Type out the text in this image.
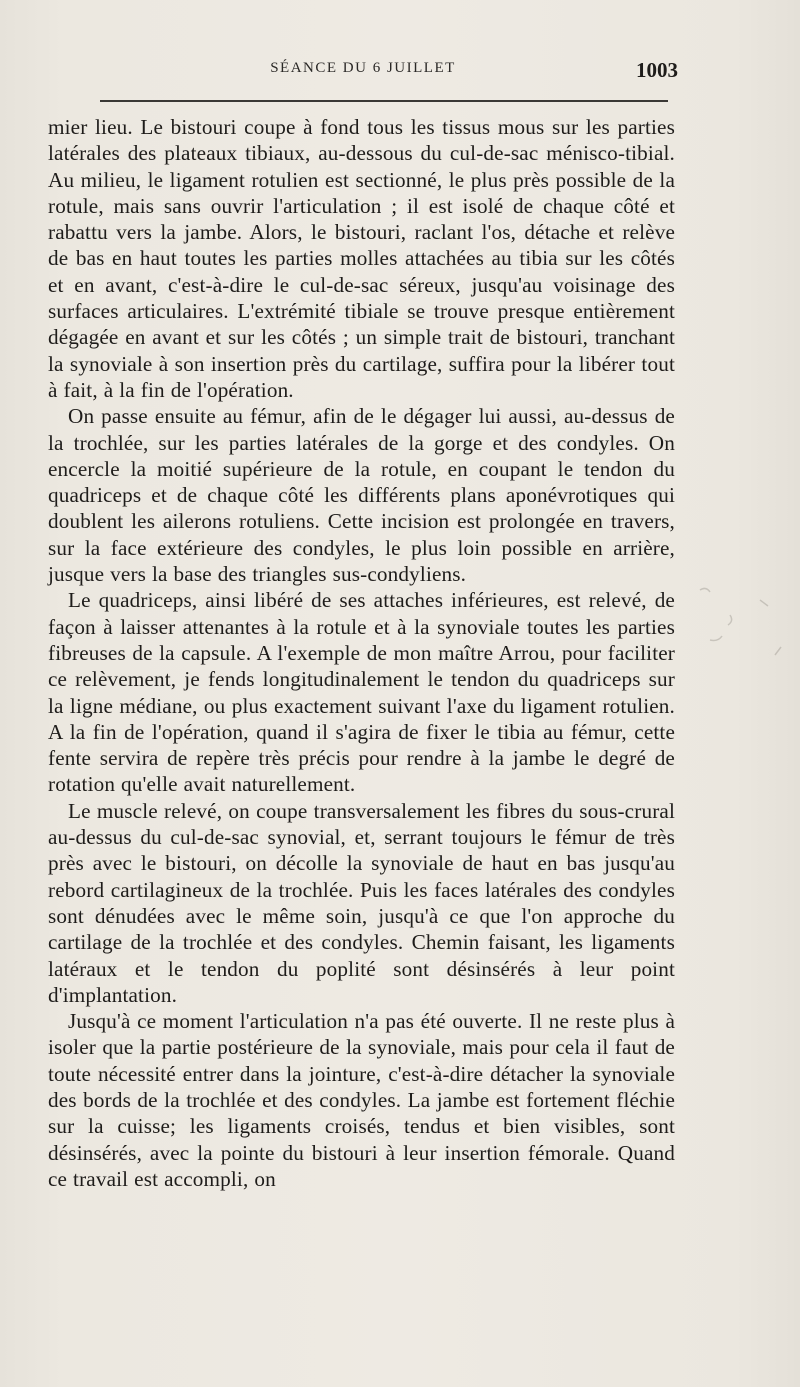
SÉANCE DU 6 JUILLET	1003

mier lieu. Le bistouri coupe à fond tous les tissus mous sur les parties latérales des plateaux tibiaux, au-dessous du cul-de-sac ménisco-tibial. Au milieu, le ligament rotulien est sectionné, le plus près possible de la rotule, mais sans ouvrir l'articulation ; il est isolé de chaque côté et rabattu vers la jambe. Alors, le bistouri, raclant l'os, détache et relève de bas en haut toutes les parties molles attachées au tibia sur les côtés et en avant, c'est-à-dire le cul-de-sac séreux, jusqu'au voisinage des surfaces articulaires. L'extrémité tibiale se trouve presque entièrement dégagée en avant et sur les côtés ; un simple trait de bistouri, tranchant la synoviale à son insertion près du cartilage, suffira pour la libérer tout à fait, à la fin de l'opération.

On passe ensuite au fémur, afin de le dégager lui aussi, au-dessus de la trochlée, sur les parties latérales de la gorge et des condyles. On encercle la moitié supérieure de la rotule, en coupant le tendon du quadriceps et de chaque côté les différents plans aponévrotiques qui doublent les ailerons rotuliens. Cette incision est prolongée en travers, sur la face extérieure des condyles, le plus loin possible en arrière, jusque vers la base des triangles sus-condyliens.

Le quadriceps, ainsi libéré de ses attaches inférieures, est relevé, de façon à laisser attenantes à la rotule et à la synoviale toutes les parties fibreuses de la capsule. A l'exemple de mon maître Arrou, pour faciliter ce relèvement, je fends longitudinalement le tendon du quadriceps sur la ligne médiane, ou plus exactement suivant l'axe du ligament rotulien. A la fin de l'opération, quand il s'agira de fixer le tibia au fémur, cette fente servira de repère très précis pour rendre à la jambe le degré de rotation qu'elle avait naturellement.

Le muscle relevé, on coupe transversalement les fibres du sous-crural au-dessus du cul-de-sac synovial, et, serrant toujours le fémur de très près avec le bistouri, on décolle la synoviale de haut en bas jusqu'au rebord cartilagineux de la trochlée. Puis les faces latérales des condyles sont dénudées avec le même soin, jusqu'à ce que l'on approche du cartilage de la trochlée et des condyles. Chemin faisant, les ligaments latéraux et le tendon du poplité sont désinsérés à leur point d'implantation.

Jusqu'à ce moment l'articulation n'a pas été ouverte. Il ne reste plus à isoler que la partie postérieure de la synoviale, mais pour cela il faut de toute nécessité entrer dans la jointure, c'est-à-dire détacher la synoviale des bords de la trochlée et des condyles. La jambe est fortement fléchie sur la cuisse; les ligaments croisés, tendus et bien visibles, sont désinsérés, avec la pointe du bistouri à leur insertion fémorale. Quand ce travail est accompli, on
